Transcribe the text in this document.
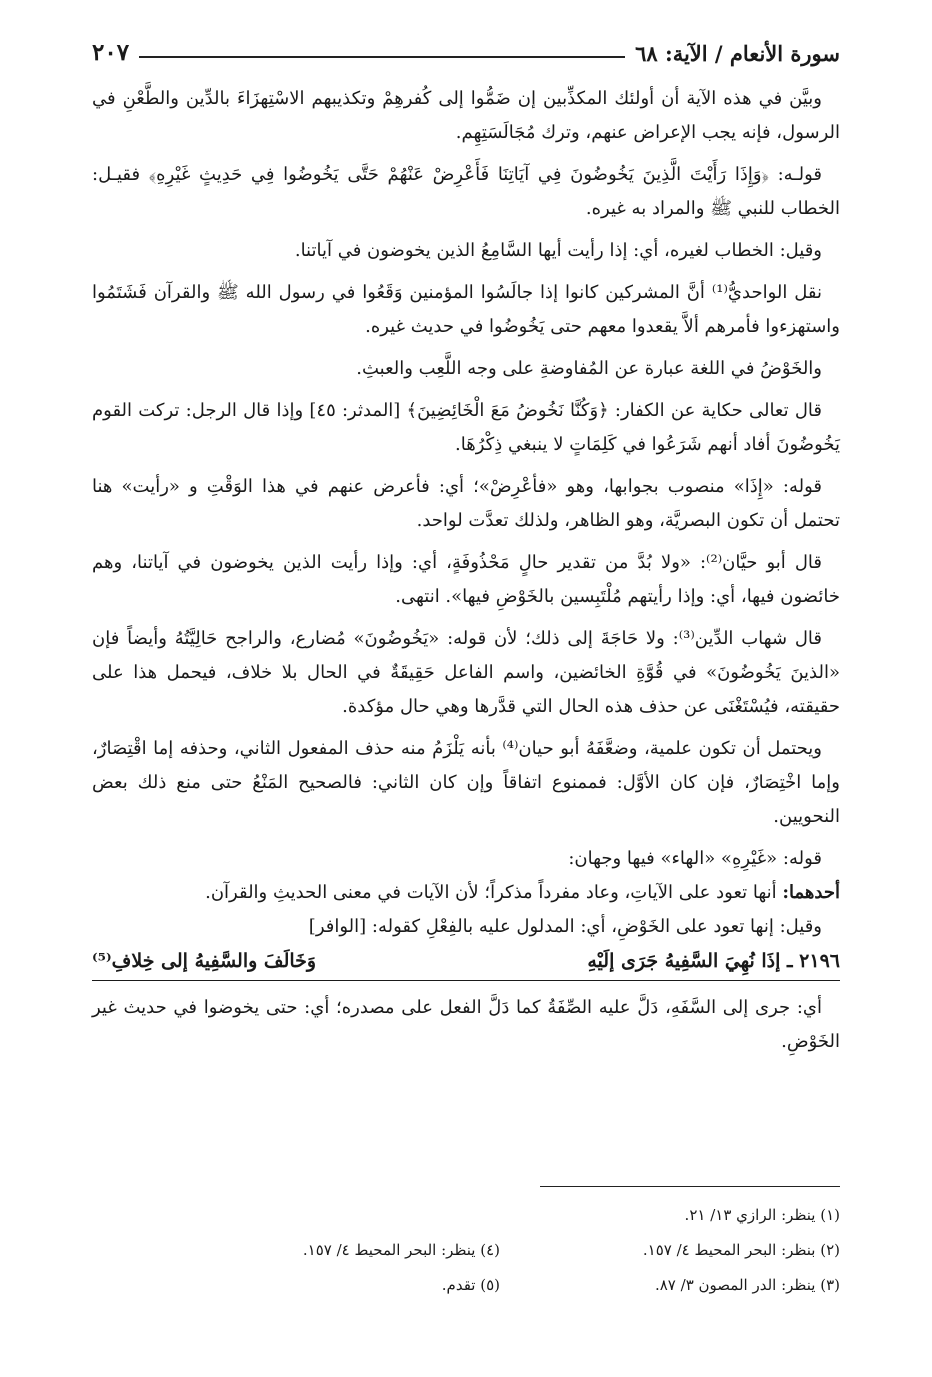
سورة الأنعام / الآية: ٦٨
٢٠٧

وبيَّن في هذه الآية أن أولئك المكذِّبين إن ضَمُّوا إلى كُفرهِمْ وتكذيبهم الاسْتِهزَاءَ بالدِّين والطَّعْنِ في الرسول، فإنه يجب الإعراض عنهم، وترك مُجَالَسَتِهِم.

قولـه: ﴿وَإِذَا رَأَيْتَ الَّذِينَ يَخُوضُونَ فِي آيَاتِنَا فَأَعْرِضْ عَنْهُمْ حَتَّى يَخُوضُوا فِي حَدِيثٍ غَيْرِهِ﴾ فقيـل: الخطاب للنبي ﷺ والمراد به غيره.

وقيل: الخطاب لغيره، أي: إذا رأيت أيها السَّامِعُ الذين يخوضون في آياتنا.

نقل الواحديُّ⁽¹⁾ أنَّ المشركين كانوا إذا جالَسُوا المؤمنين وَقَعُوا في رسول الله ﷺ والقرآن فَشَتَمُوا واستهزءوا فأمرهم ألاَّ يقعدوا معهم حتى يَخُوضُوا في حديث غيره.

والخَوْضُ في اللغة عبارة عن المُفاوضةِ على وجه اللَّعِب والعبثِ.

قال تعالى حكاية عن الكفار: ﴿وَكُنَّا نَخُوضُ مَعَ الْخَائِضِينَ﴾ [المدثر: ٤٥] وإذا قال الرجل: تركت القوم يَخُوضُونَ أفاد أنهم شَرَعُوا في كَلِمَاتٍ لا ينبغي ذِكْرُهَا.

قوله: «إِذَا» منصوب بجوابها، وهو «فأعْرِضْ»؛ أي: فأعرض عنهم في هذا الوَقْتِ و «رأيت» هنا تحتمل أن تكون البصريَّة، وهو الظاهر، ولذلك تعدَّت لواحد.

قال أبو حيَّان⁽²⁾: «ولا بُدَّ من تقدير حالٍ مَحْذُوفَةٍ، أي: وإذا رأيت الذين يخوضون في آياتنا، وهم خائضون فيها، أي: وإذا رأيتهم مُلْتَبِسين بالخَوْضِ فيها». انتهى.

قال شهاب الدِّين⁽³⁾: ولا حَاجَةَ إلى ذلك؛ لأن قوله: «يَخُوضُونَ» مُضارع، والراجح حَالِيَّتُهُ وأيضاً فإن «الذينَ يَخُوضُونَ» في قُوَّةِ الخائضين، واسم الفاعل حَقِيقَةٌ في الحال بلا خلاف، فيحمل هذا على حقيقته، فيُسْتَغْنَى عن حذف هذه الحال التي قدَّرها وهي حال مؤكدة.

ويحتمل أن تكون علمية، وضعَّفَهُ أبو حيان⁽⁴⁾ بأنه يَلْزَمُ منه حذف المفعول الثاني، وحذفه إما اقْتِصَارٌ، وإما اخْتِصَارٌ، فإن كان الأوَّل: فممنوع اتفاقاً وإن كان الثاني: فالصحيح المَنْعُ حتى منع ذلك بعض النحويين.

قوله: «غَيْرِهِ» «الهاء» فيها وجهان:

أحدهما: أنها تعود على الآياتِ، وعاد مفرداً مذكراً؛ لأن الآيات في معنى الحديثِ والقرآن.

وقيل: إنها تعود على الخَوْضِ، أي: المدلول عليه بالفِعْلِ كقوله: [الوافر]

٢١٩٦ ـ إذَا نُهِيَ السَّفِيهُ جَرَى إلَيْهِ
وَخَالَفَ والسَّفِيهُ إلى خِلافِ⁽⁵⁾

أي: جرى إلى السَّفَهِ، دَلَّ عليه الصِّفَةُ كما دَلَّ الفعل على مصدره؛ أي: حتى يخوضوا في حديث غير الخَوْضِ.

(١) ينظر: الرازي ١٣/ ٢١.
(٢) بنظر: البحر المحيط ٤/ ١٥٧.
(٤) ينظر: البحر المحيط ٤/ ١٥٧.
(٣) ينظر: الدر المصون ٣/ ٨٧.
(٥) تقدم.
